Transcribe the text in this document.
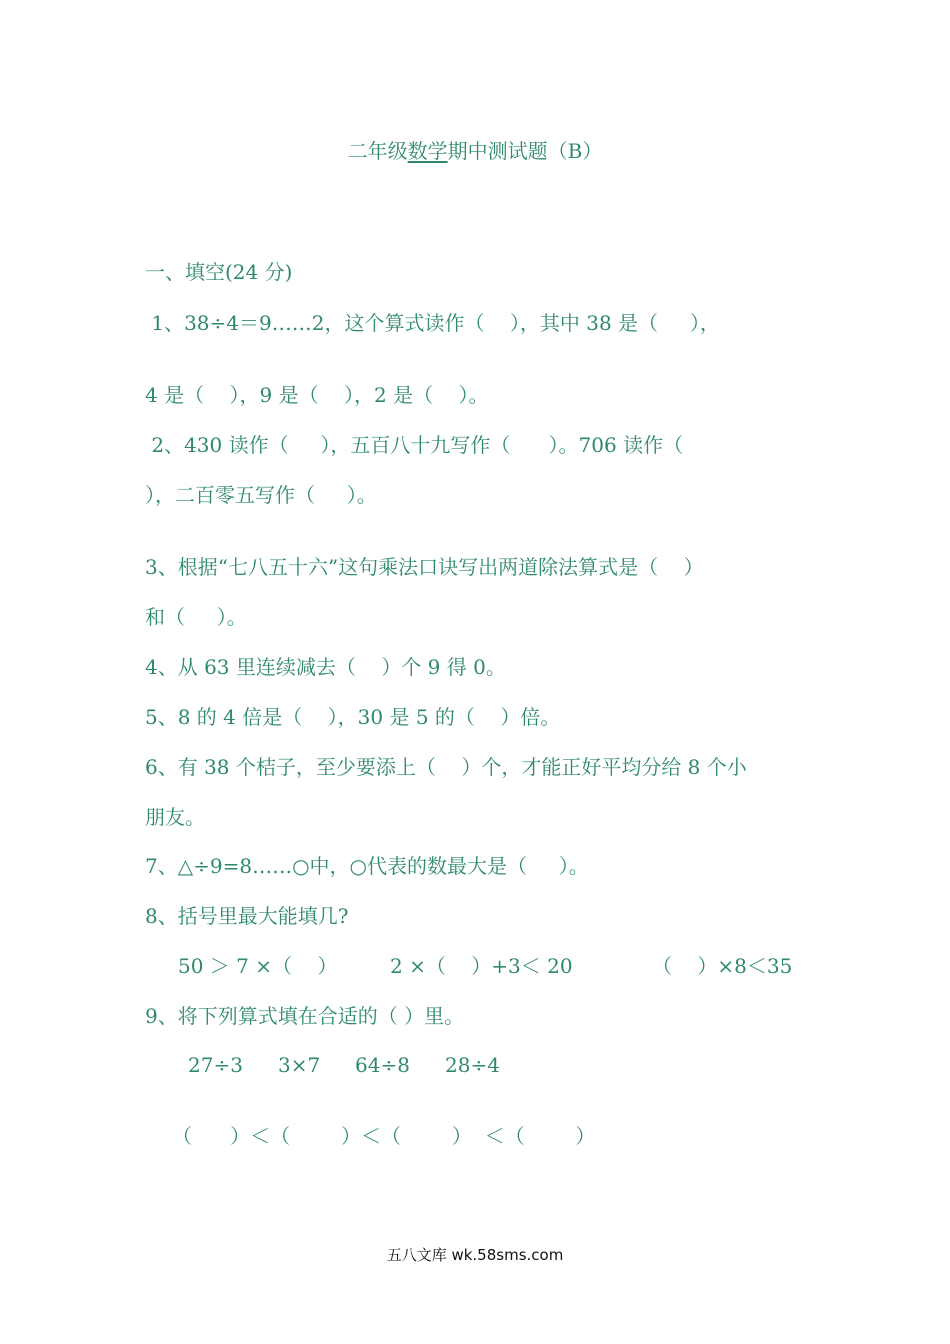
二年级数学期中测试题（B）
一、填空(24 分)
1、38÷4＝9……2，这个算式读作（    ），其中 38 是（     ），
4 是（    ），9 是（    ），2 是（    ）。
2、430 读作（     ），五百八十九写作（      ）。706 读作（
），二百零五写作（     ）。
3、根据“七八五十六”这句乘法口诀写出两道除法算式是（    ）
和（     ）。
4、从 63 里连续减去（    ）个 9 得 0。
5、8 的 4 倍是（    ），30 是 5 的（    ）倍。
6、有 38 个桔子，至少要添上（    ）个，才能正好平均分给 8 个小
朋友。
7、△÷9=8……○中，○代表的数最大是（     ）。
8、括号里最大能填几?
50 ＞ 7 ×（    ）	2 ×（    ）+3＜ 20	（    ）×8＜35
9、将下列算式填在合适的（ ）里。
27÷3 3×7 64÷8 28÷4
（      ）＜（        ）＜（        ）  ＜（        ）
五八文库 wk.58sms.com
